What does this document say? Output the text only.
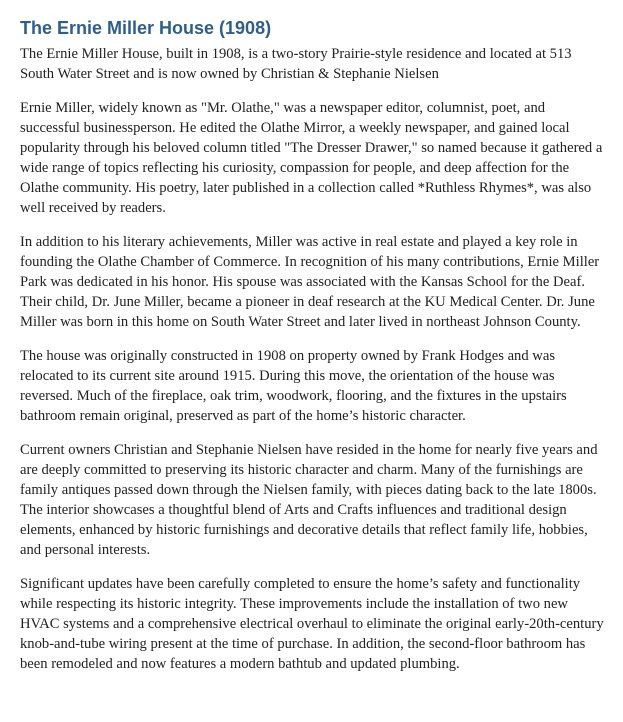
The Ernie Miller House (1908)

The Ernie Miller House, built in 1908, is a two-story Prairie-style residence and located at 513 South Water Street and is now owned by Christian & Stephanie Nielsen

Ernie Miller, widely known as "Mr. Olathe," was a newspaper editor, columnist, poet, and successful businessperson. He edited the Olathe Mirror, a weekly newspaper, and gained local popularity through his beloved column titled "The Dresser Drawer," so named because it gathered a wide range of topics reflecting his curiosity, compassion for people, and deep affection for the Olathe community. His poetry, later published in a collection called *Ruthless Rhymes*, was also well received by readers.

In addition to his literary achievements, Miller was active in real estate and played a key role in founding the Olathe Chamber of Commerce. In recognition of his many contributions, Ernie Miller Park was dedicated in his honor. His spouse was associated with the Kansas School for the Deaf. Their child, Dr. June Miller, became a pioneer in deaf research at the KU Medical Center. Dr. June Miller was born in this home on South Water Street and later lived in northeast Johnson County.

The house was originally constructed in 1908 on property owned by Frank Hodges and was relocated to its current site around 1915. During this move, the orientation of the house was reversed. Much of the fireplace, oak trim, woodwork, flooring, and the fixtures in the upstairs bathroom remain original, preserved as part of the home’s historic character.

Current owners Christian and Stephanie Nielsen have resided in the home for nearly five years and are deeply committed to preserving its historic character and charm. Many of the furnishings are family antiques passed down through the Nielsen family, with pieces dating back to the late 1800s. The interior showcases a thoughtful blend of Arts and Crafts influences and traditional design elements, enhanced by historic furnishings and decorative details that reflect family life, hobbies, and personal interests.

Significant updates have been carefully completed to ensure the home’s safety and functionality while respecting its historic integrity. These improvements include the installation of two new HVAC systems and a comprehensive electrical overhaul to eliminate the original early-20th-century knob-and-tube wiring present at the time of purchase. In addition, the second-floor bathroom has been remodeled and now features a modern bathtub and updated plumbing.
